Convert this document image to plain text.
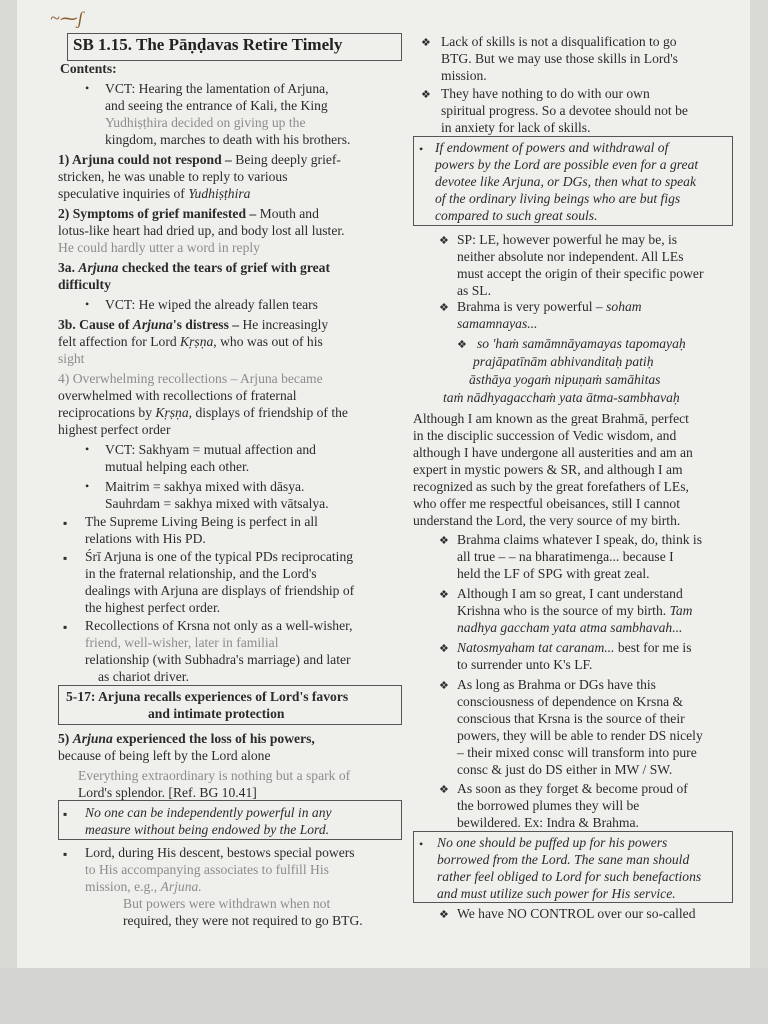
~⁓ʃ
SB 1.15. The Pāṇḍavas Retire Timely
Contents:
• VCT: Hearing the lamentation of Arjuna,
and seeing the entrance of Kali, the King
Yudhiṣṭhira decided on giving up the
kingdom, marches to death with his brothers.
1) Arjuna could not respond – Being deeply grief-
stricken, he was unable to reply to various
speculative inquiries of Yudhiṣṭhira
2) Symptoms of grief manifested – Mouth and
lotus-like heart had dried up, and body lost all luster.
He could hardly utter a word in reply
3a. Arjuna checked the tears of grief with great
difficulty
• VCT: He wiped the already fallen tears
3b. Cause of Arjuna's distress – He increasingly
felt affection for Lord Kṛṣṇa, who was out of his
sight
4) Overwhelming recollections – Arjuna became
overwhelmed with recollections of fraternal
reciprocations by Kṛṣṇa, displays of friendship of the
highest perfect order
• VCT: Sakhyam = mutual affection and
mutual helping each other.
• Maitrim = sakhya mixed with dāsya.
Sauhrdam = sakhya mixed with vātsalya.
▪ The Supreme Living Being is perfect in all
relations with His PD.
▪ Śrī Arjuna is one of the typical PDs reciprocating
in the fraternal relationship, and the Lord's
dealings with Arjuna are displays of friendship of
the highest perfect order.
▪ Recollections of Krsna not only as a well-wisher,
friend, well-wisher, later in familial
relationship (with Subhadra's marriage) and later
as chariot driver.
5-17: Arjuna recalls experiences of Lord's favors
and intimate protection
5) Arjuna experienced the loss of his powers,
because of being left by the Lord alone
Everything extraordinary is nothing but a spark of
Lord's splendor. [Ref. BG 10.41]
▪ No one can be independently powerful in any
measure without being endowed by the Lord.
▪ Lord, during His descent, bestows special powers
to His accompanying associates to fulfill His
mission, e.g., Arjuna.
But powers were withdrawn when not
required, they were not required to go BTG.
❖ Lack of skills is not a disqualification to go
BTG. But we may use those skills in Lord's
mission.
❖ They have nothing to do with our own
spiritual progress. So a devotee should not be
in anxiety for lack of skills.
• If endowment of powers and withdrawal of
powers by the Lord are possible even for a great
devotee like Arjuna, or DGs, then what to speak
of the ordinary living beings who are but figs
compared to such great souls.
❖ SP: LE, however powerful he may be, is
neither absolute nor independent. All LEs
must accept the origin of their specific power
as SL.
❖ Brahma is very powerful – soham
samamnayas...
❖ so 'haṁ samāmnāyamayas tapomayaḥ
prajāpatīnām abhivanditaḥ patiḥ
āsthāya yogaṁ nipuṇaṁ samāhitas
taṁ nādhyagacchaṁ yata ātma-sambhavaḥ
Although I am known as the great Brahmā, perfect
in the disciplic succession of Vedic wisdom, and
although I have undergone all austerities and am an
expert in mystic powers & SR, and although I am
recognized as such by the great forefathers of LEs,
who offer me respectful obeisances, still I cannot
understand the Lord, the very source of my birth.
❖ Brahma claims whatever I speak, do, think is
all true – – na bharatimenga... because I
held the LF of SPG with great zeal.
❖ Although I am so great, I cant understand
Krishna who is the source of my birth. Tam
nadhya gaccham yata atma sambhavah...
❖ Natosmyaham tat caranam... best for me is
to surrender unto K's LF.
❖ As long as Brahma or DGs have this
consciousness of dependence on Krsna &
conscious that Krsna is the source of their
powers, they will be able to render DS nicely
– their mixed consc will transform into pure
consc & just do DS either in MW / SW.
❖ As soon as they forget & become proud of
the borrowed plumes they will be
bewildered. Ex: Indra & Brahma.
• No one should be puffed up for his powers
borrowed from the Lord. The sane man should
rather feel obliged to Lord for such benefactions
and must utilize such power for His service.
❖ We have NO CONTROL over our so-called
